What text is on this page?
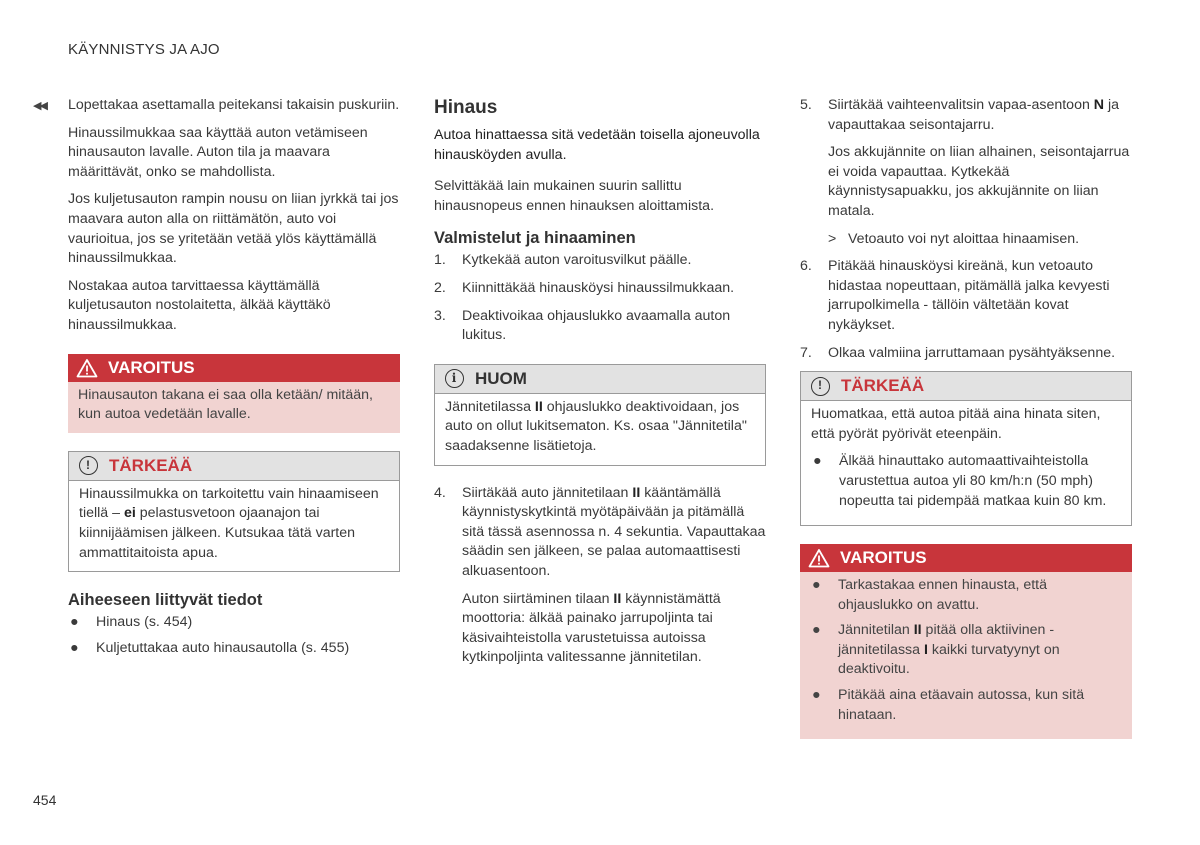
KÄYNNISTYS JA AJO
◀◀ Lopettakaa asettamalla peitekansi takaisin puskuriin.

Hinaussilmukkaa saa käyttää auton vetämiseen hinausauton lavalle. Auton tila ja maavara määrittävät, onko se mahdollista.

Jos kuljetusauton rampin nousu on liian jyrkkä tai jos maavara auton alla on riittämätön, auto voi vaurioitua, jos se yritetään vetää ylös käyttämällä hinaussilmukkaa.

Nostakaa autoa tarvittaessa käyttämällä kuljetusauton nostolaitetta, älkää käyttäkö hinaussilmukkaa.

VAROITUS
Hinausauton takana ei saa olla ketään/ mitään, kun autoa vedetään lavalle.
!	TÄRKEÄÄ
Hinaussilmukka on tarkoitettu vain hinaamiseen tiellä – ei pelastusvetoon ojaanajon tai kiinnijäämisen jälkeen. Kutsukaa tätä varten ammattitaitoista apua.
Aiheeseen liittyvät tiedot
● Hinaus (s. 454)
● Kuljetuttakaa auto hinausautolla (s. 455)
Hinaus

Autoa hinattaessa sitä vedetään toisella ajoneuvolla hinausköyden avulla.

Selvittäkää lain mukainen suurin sallittu hinausnopeus ennen hinauksen aloittamista.

Valmistelut ja hinaaminen
1. Kytkekää auton varoitusvilkut päälle.
2. Kiinnittäkää hinausköysi hinaussilmukkaan.
3. Deaktivoikaa ohjauslukko avaamalla auton lukitus.
i	HUOM
Jännitetilassa II ohjauslukko deaktivoidaan, jos auto on ollut lukitsematon. Ks. osaa "Jännitetila" saadaksenne lisätietoja.
4. Siirtäkää auto jännitetilaan II kääntämällä käynnistyskytkintä myötäpäivään ja pitämällä sitä tässä asennossa n. 4 sekuntia. Vapauttakaa säädin sen jälkeen, se palaa automaattisesti alkuasentoon.

Auton siirtäminen tilaan II käynnistämättä moottoria: älkää painako jarrupoljinta tai käsivaihteistolla varustetuissa autoissa kytkinpoljinta valitessanne jännitetilan.

5. Siirtäkää vaihteenvalitsin vapaa-asentoon N ja vapauttakaa seisontajarru.

Jos akkujännite on liian alhainen, seisontajarrua ei voida vapauttaa. Kytkekää käynnistysapuakku, jos akkujännite on liian matala.

> Vetoauto voi nyt aloittaa hinaamisen.

6. Pitäkää hinausköysi kireänä, kun vetoauto hidastaa nopeuttaan, pitämällä jalka kevyesti jarrupolkimella - tällöin vältetään kovat nykäykset.
7. Olkaa valmiina jarruttamaan pysähtyäksenne.
!	TÄRKEÄÄ

Huomatkaa, että autoa pitää aina hinata siten, että pyörät pyörivät eteenpäin.

● Älkää hinauttako automaattivaihteistolla varustettua autoa yli 80 km/h:n (50 mph) nopeutta tai pidempää matkaa kuin 80 km.
VAROITUS
● Tarkastakaa ennen hinausta, että ohjauslukko on avattu.
● Jännitetilan II pitää olla aktiivinen - jännitetilassa I kaikki turvatyynyt on deaktivoitu.
● Pitäkää aina etäavain autossa, kun sitä hinataan.
454
